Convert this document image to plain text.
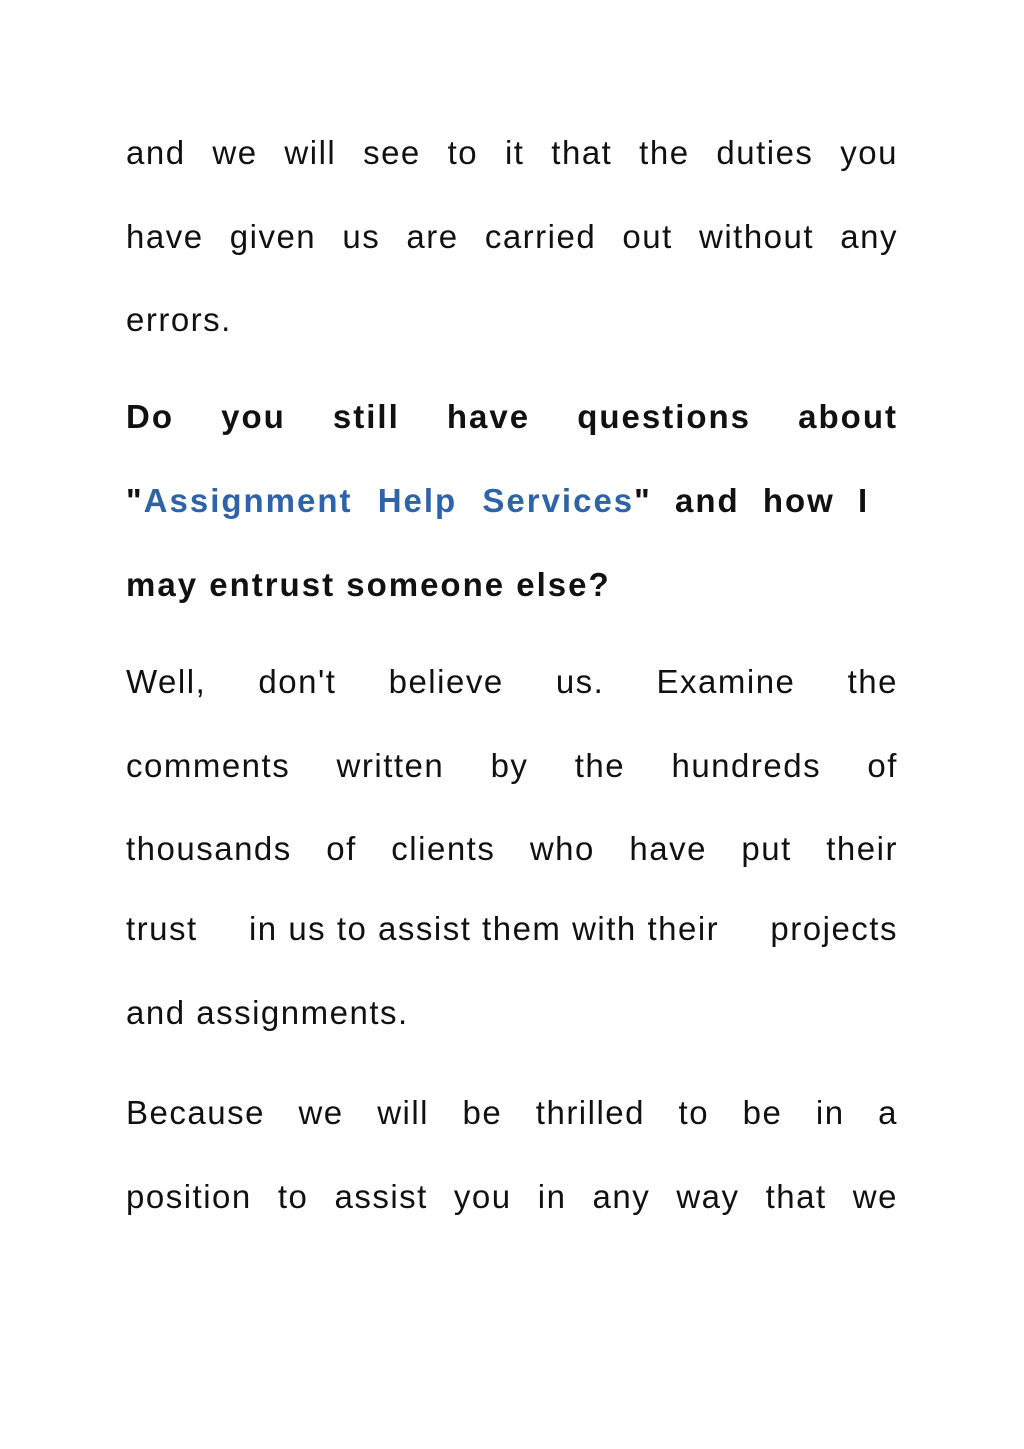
and we will see to it that the duties you
have given us are carried out without any
errors.
Do you still have questions about
"Assignment Help Services" and how I
may entrust someone else?
Well, don't believe us. Examine the
comments written by the hundreds of
thousands of clients who have put their
trust in us to assist them with their projects
and assignments.
Because we will be thrilled to be in a
position to assist you in any way that we
